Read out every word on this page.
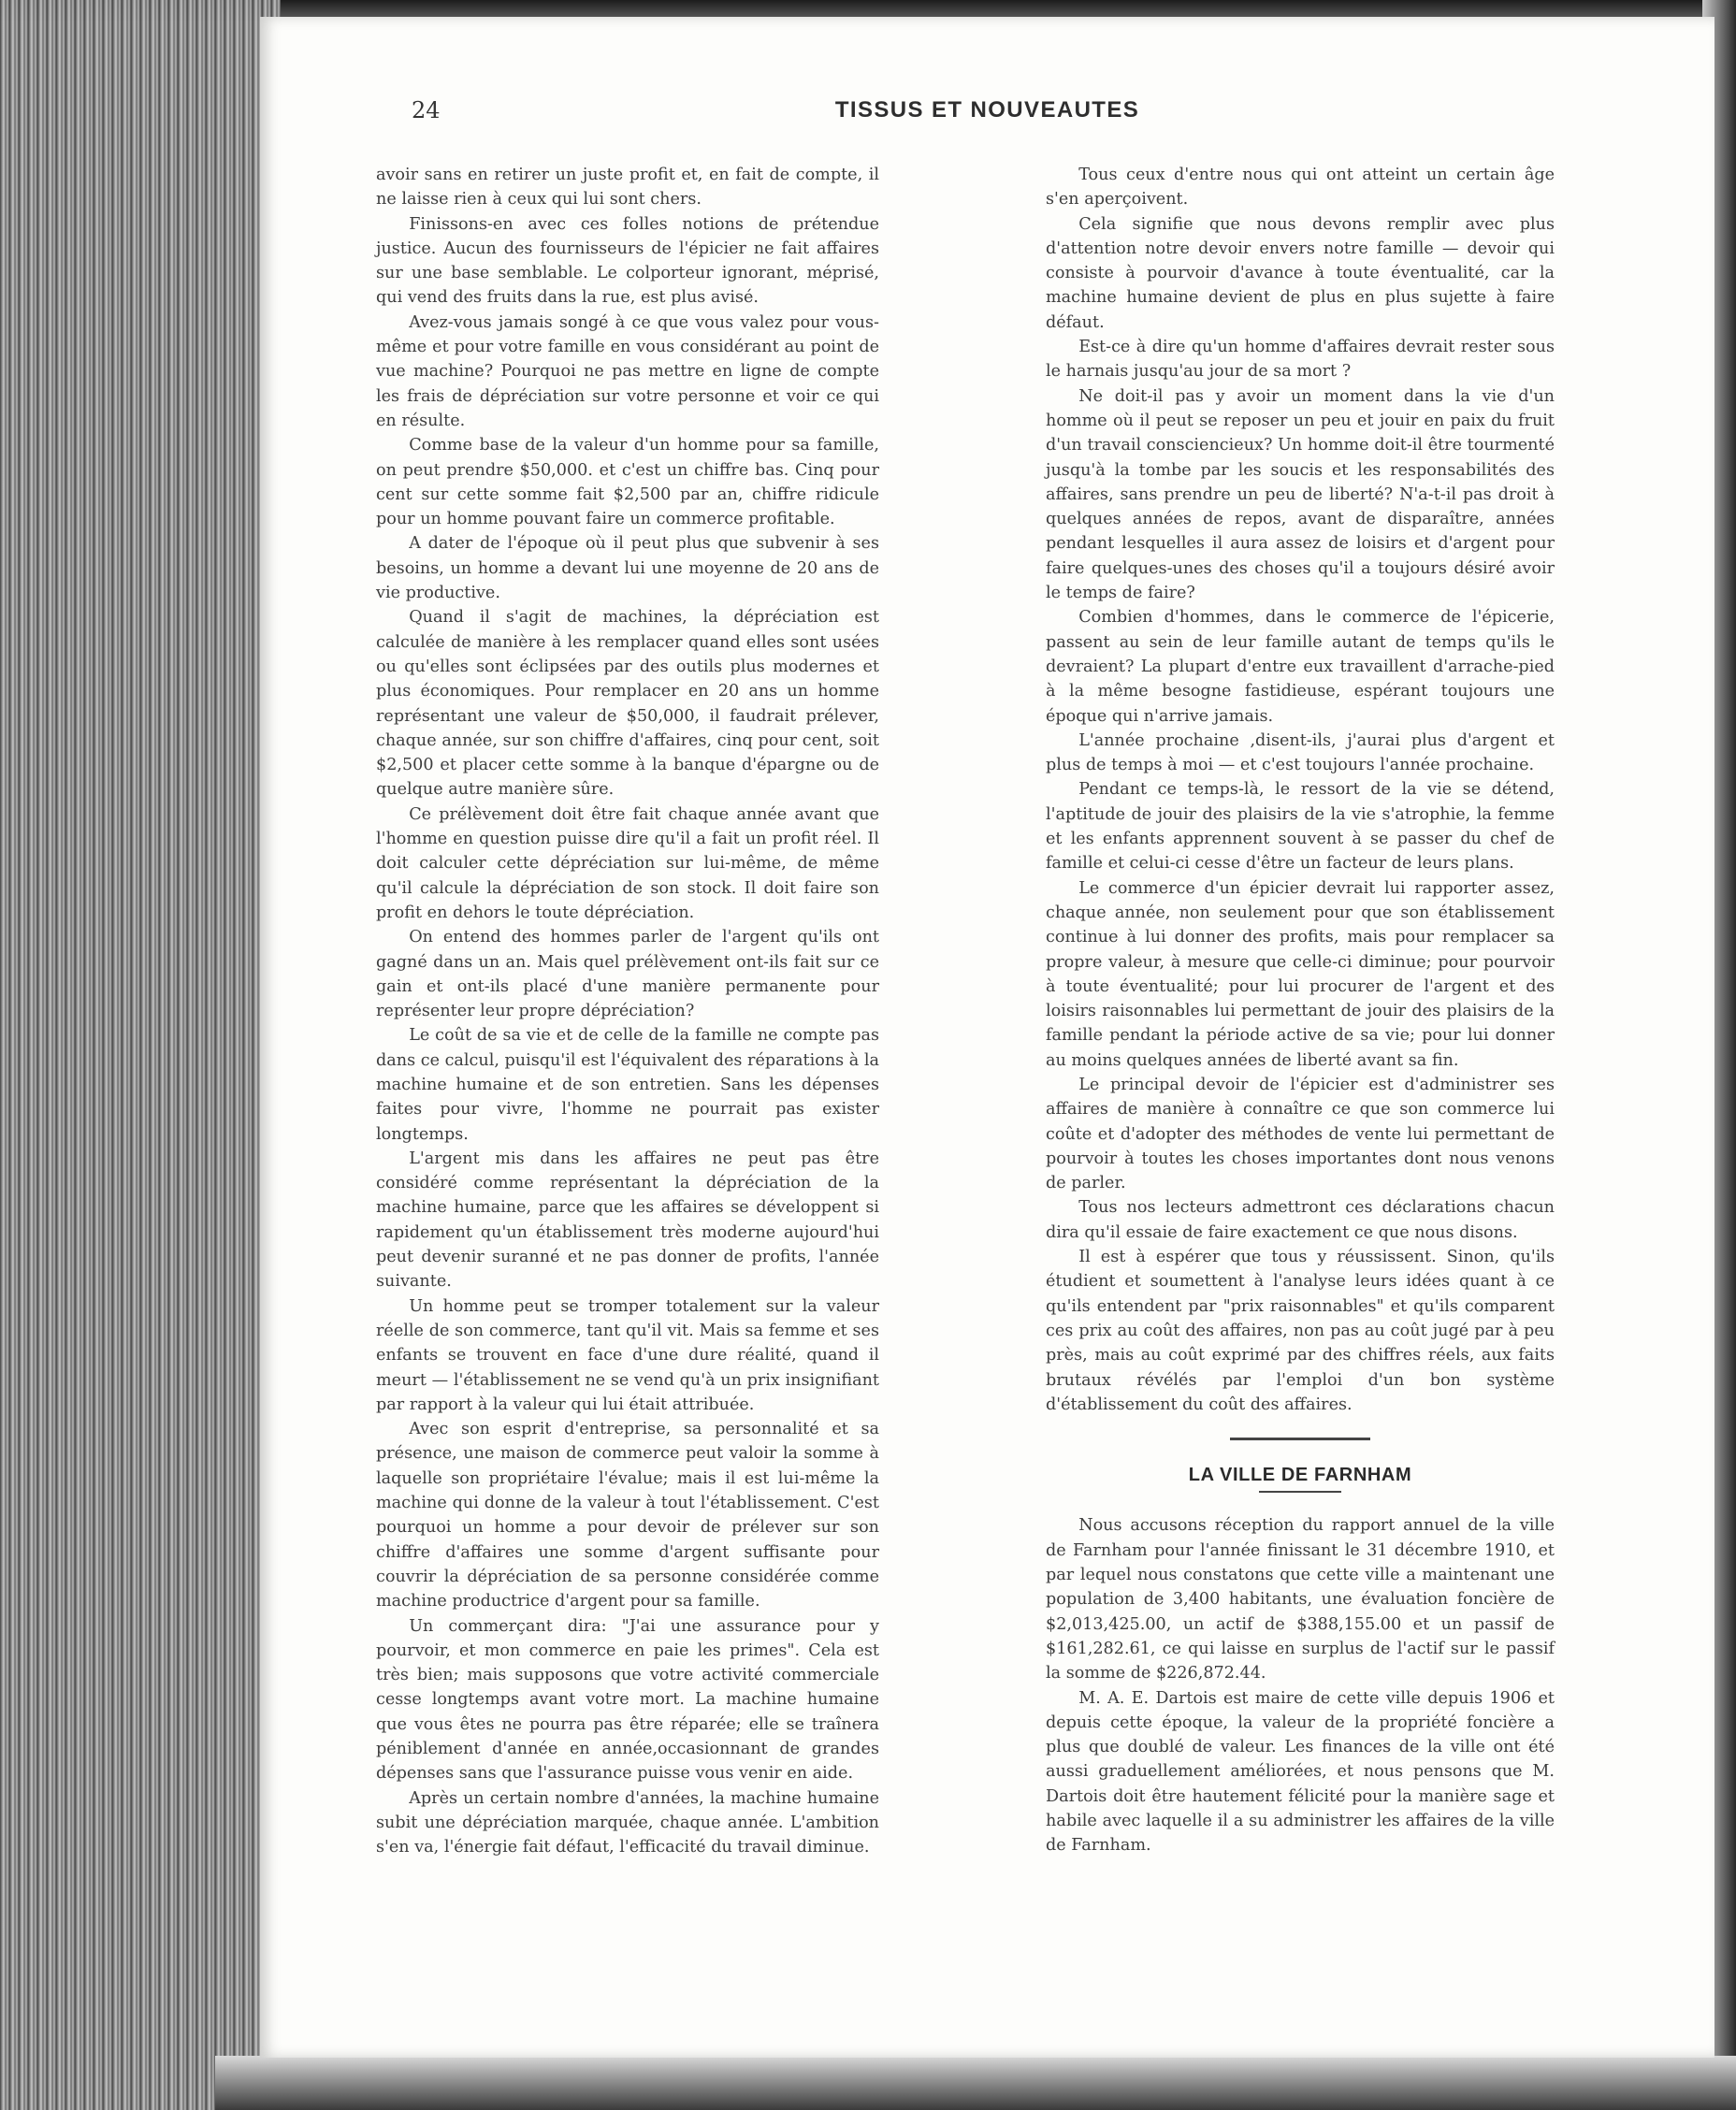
24	TISSUS ET NOUVEAUTES

avoir sans en retirer un juste profit et, en fait de compte, il ne laisse rien à ceux qui lui sont chers.

Finissons-en avec ces folles notions de prétendue justice. Aucun des fournisseurs de l'épicier ne fait affaires sur une base semblable. Le colporteur ignorant, méprisé, qui vend des fruits dans la rue, est plus avisé.

Avez-vous jamais songé à ce que vous valez pour vous-même et pour votre famille en vous considérant au point de vue machine? Pourquoi ne pas mettre en ligne de compte les frais de dépréciation sur votre personne et voir ce qui en résulte.

Comme base de la valeur d'un homme pour sa famille, on peut prendre $50,000. et c'est un chiffre bas. Cinq pour cent sur cette somme fait $2,500 par an, chiffre ridicule pour un homme pouvant faire un commerce profitable.

A dater de l'époque où il peut plus que subvenir à ses besoins, un homme a devant lui une moyenne de 20 ans de vie productive.

Quand il s'agit de machines, la dépréciation est calculée de manière à les remplacer quand elles sont usées ou qu'elles sont éclipsées par des outils plus modernes et plus économiques. Pour remplacer en 20 ans un homme représentant une valeur de $50,000, il faudrait prélever, chaque année, sur son chiffre d'affaires, cinq pour cent, soit $2,500 et placer cette somme à la banque d'épargne ou de quelque autre manière sûre.

Ce prélèvement doit être fait chaque année avant que l'homme en question puisse dire qu'il a fait un profit réel. Il doit calculer cette dépréciation sur lui-même, de même qu'il calcule la dépréciation de son stock. Il doit faire son profit en dehors le toute dépréciation.

On entend des hommes parler de l'argent qu'ils ont gagné dans un an. Mais quel prélèvement ont-ils fait sur ce gain et ont-ils placé d'une manière permanente pour représenter leur propre dépréciation?

Le coût de sa vie et de celle de la famille ne compte pas dans ce calcul, puisqu'il est l'équivalent des réparations à la machine humaine et de son entretien. Sans les dépenses faites pour vivre, l'homme ne pourrait pas exister longtemps.

L'argent mis dans les affaires ne peut pas être considéré comme représentant la dépréciation de la machine humaine, parce que les affaires se développent si rapidement qu'un établissement très moderne aujourd'hui peut devenir suranné et ne pas donner de profits, l'année suivante.

Un homme peut se tromper totalement sur la valeur réelle de son commerce, tant qu'il vit. Mais sa femme et ses enfants se trouvent en face d'une dure réalité, quand il meurt — l'établissement ne se vend qu'à un prix insignifiant par rapport à la valeur qui lui était attribuée.

Avec son esprit d'entreprise, sa personnalité et sa présence, une maison de commerce peut valoir la somme à laquelle son propriétaire l'évalue; mais il est lui-même la machine qui donne de la valeur à tout l'établissement. C'est pourquoi un homme a pour devoir de prélever sur son chiffre d'affaires une somme d'argent suffisante pour couvrir la dépréciation de sa personne considérée comme machine productrice d'argent pour sa famille.

Un commerçant dira: "J'ai une assurance pour y pourvoir, et mon commerce en paie les primes". Cela est très bien; mais supposons que votre activité commerciale cesse longtemps avant votre mort. La machine humaine que vous êtes ne pourra pas être réparée; elle se traînera péniblement d'année en année,occasionnant de grandes dépenses sans que l'assurance puisse vous venir en aide.

Après un certain nombre d'années, la machine humaine subit une dépréciation marquée, chaque année. L'ambition s'en va, l'énergie fait défaut, l'efficacité du travail diminue.

Tous ceux d'entre nous qui ont atteint un certain âge s'en aperçoivent.

Cela signifie que nous devons remplir avec plus d'attention notre devoir envers notre famille — devoir qui consiste à pourvoir d'avance à toute éventualité, car la machine humaine devient de plus en plus sujette à faire défaut.

Est-ce à dire qu'un homme d'affaires devrait rester sous le harnais jusqu'au jour de sa mort ?

Ne doit-il pas y avoir un moment dans la vie d'un homme où il peut se reposer un peu et jouir en paix du fruit d'un travail consciencieux? Un homme doit-il être tourmenté jusqu'à la tombe par les soucis et les responsabilités des affaires, sans prendre un peu de liberté? N'a-t-il pas droit à quelques années de repos, avant de disparaître, années pendant lesquelles il aura assez de loisirs et d'argent pour faire quelques-unes des choses qu'il a toujours désiré avoir le temps de faire?

Combien d'hommes, dans le commerce de l'épicerie, passent au sein de leur famille autant de temps qu'ils le devraient? La plupart d'entre eux travaillent d'arrache-pied à la même besogne fastidieuse, espérant toujours une époque qui n'arrive jamais.

L'année prochaine ,disent-ils, j'aurai plus d'argent et plus de temps à moi — et c'est toujours l'année prochaine.

Pendant ce temps-là, le ressort de la vie se détend, l'aptitude de jouir des plaisirs de la vie s'atrophie, la femme et les enfants apprennent souvent à se passer du chef de famille et celui-ci cesse d'être un facteur de leurs plans.

Le commerce d'un épicier devrait lui rapporter assez, chaque année, non seulement pour que son établissement continue à lui donner des profits, mais pour remplacer sa propre valeur, à mesure que celle-ci diminue; pour pourvoir à toute éventualité; pour lui procurer de l'argent et des loisirs raisonnables lui permettant de jouir des plaisirs de la famille pendant la période active de sa vie; pour lui donner au moins quelques années de liberté avant sa fin.

Le principal devoir de l'épicier est d'administrer ses affaires de manière à connaître ce que son commerce lui coûte et d'adopter des méthodes de vente lui permettant de pourvoir à toutes les choses importantes dont nous venons de parler.

Tous nos lecteurs admettront ces déclarations chacun dira qu'il essaie de faire exactement ce que nous disons.

Il est à espérer que tous y réussissent. Sinon, qu'ils étudient et soumettent à l'analyse leurs idées quant à ce qu'ils entendent par "prix raisonnables" et qu'ils comparent ces prix au coût des affaires, non pas au coût jugé par à peu près, mais au coût exprimé par des chiffres réels, aux faits brutaux révélés par l'emploi d'un bon système d'établissement du coût des affaires.

LA VILLE DE FARNHAM

Nous accusons réception du rapport annuel de la ville de Farnham pour l'année finissant le 31 décembre 1910, et par lequel nous constatons que cette ville a maintenant une population de 3,400 habitants, une évaluation foncière de $2,013,425.00, un actif de $388,155.00 et un passif de $161,282.61, ce qui laisse en surplus de l'actif sur le passif la somme de $226,872.44.

M. A. E. Dartois est maire de cette ville depuis 1906 et depuis cette époque, la valeur de la propriété foncière a plus que doublé de valeur. Les finances de la ville ont été aussi graduellement améliorées, et nous pensons que M. Dartois doit être hautement félicité pour la manière sage et habile avec laquelle il a su administrer les affaires de la ville de Farnham.
